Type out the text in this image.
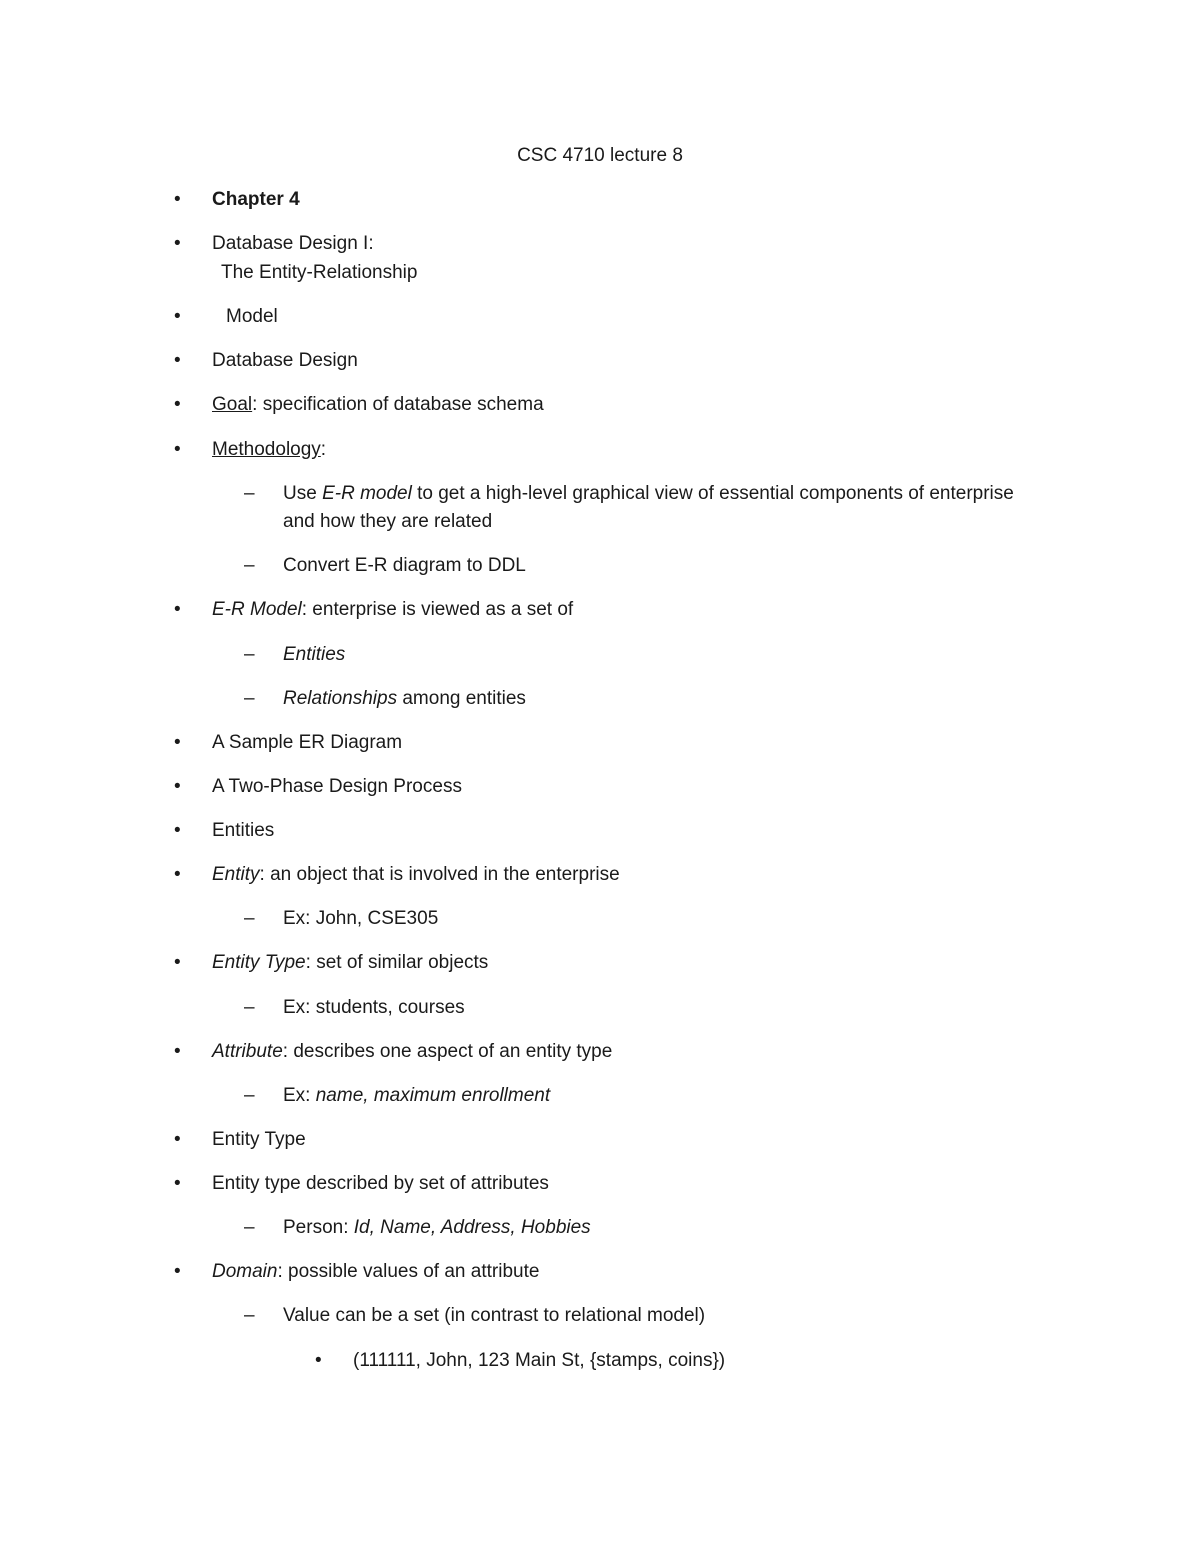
CSC 4710 lecture 8
• Chapter 4
• Database Design I:
The Entity-Relationship
• Model
• Database Design
• Goal: specification of database schema
• Methodology:
– Use E-R model to get a high-level graphical view of essential components of enterprise
and how they are related
– Convert E-R diagram to DDL
• E-R Model: enterprise is viewed as a set of
– Entities
– Relationships among entities
• A Sample ER Diagram
• A Two-Phase Design Process
• Entities
• Entity: an object that is involved in the enterprise
– Ex: John, CSE305
• Entity Type: set of similar objects
– Ex: students, courses
• Attribute: describes one aspect of an entity type
– Ex: name, maximum enrollment
• Entity Type
• Entity type described by set of attributes
– Person: Id, Name, Address, Hobbies
• Domain: possible values of an attribute
– Value can be a set (in contrast to relational model)
• (111111, John, 123 Main St, {stamps, coins})
